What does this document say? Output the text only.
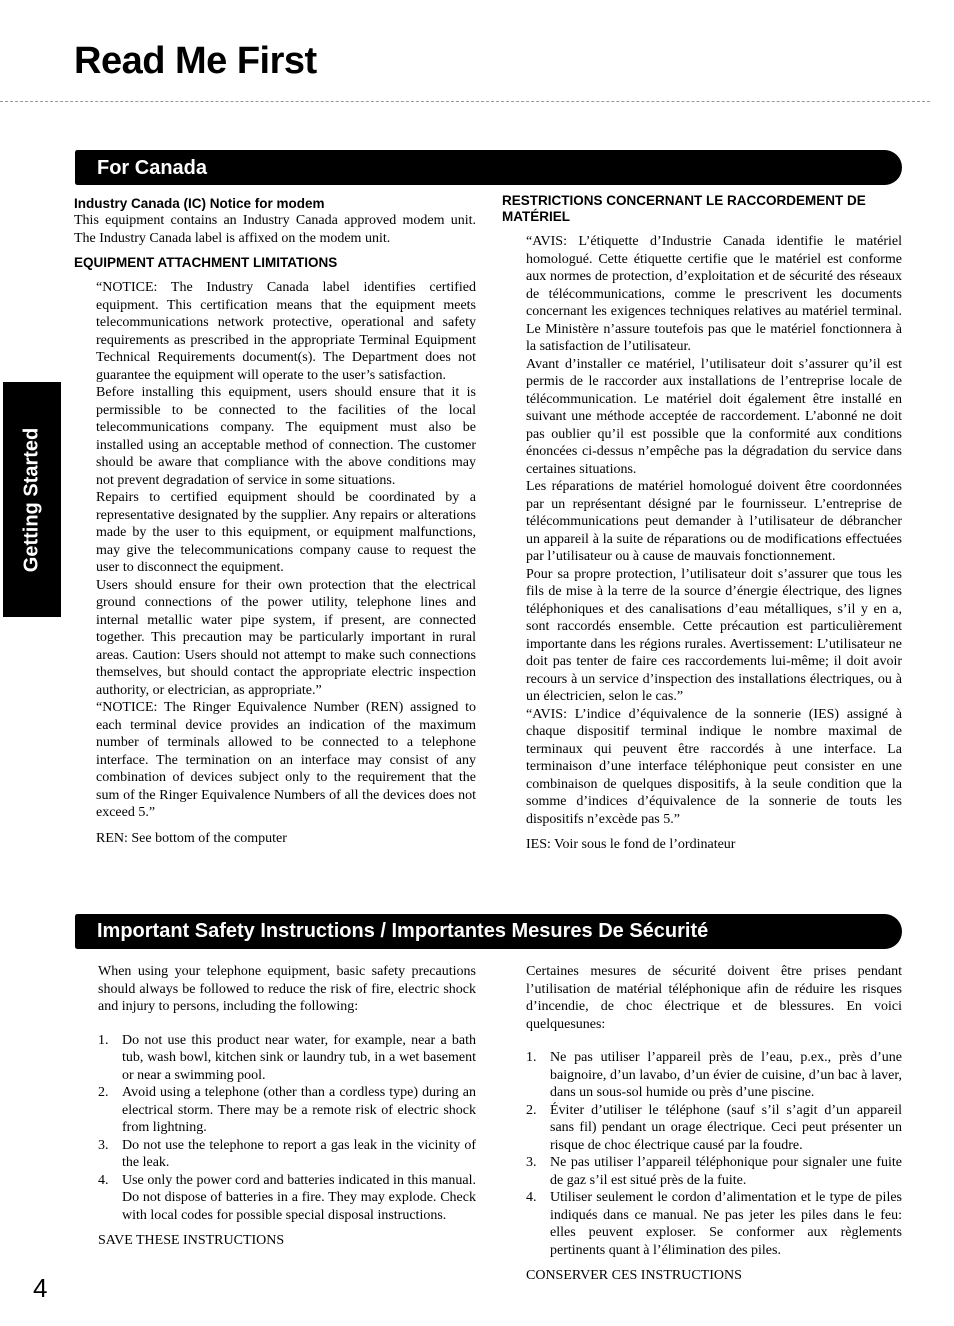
Read Me First
Getting Started
For Canada
Industry Canada (IC) Notice for modem

This equipment contains an Industry Canada approved modem unit. The Industry Canada label is affixed on the modem unit.

EQUIPMENT ATTACHMENT LIMITATIONS

“NOTICE: The Industry Canada label identifies certified equipment. This certification means that the equipment meets telecommunications network protective, operational and safety requirements as prescribed in the appropriate Terminal Equipment Technical Requirements document(s). The Department does not guarantee the equipment will operate to the user’s satisfaction.

Before installing this equipment, users should ensure that it is permissible to be connected to the facilities of the local telecommunications company. The equipment must also be installed using an acceptable method of connection. The customer should be aware that compliance with the above conditions may not prevent degradation of service in some situations.

Repairs to certified equipment should be coordinated by a representative designated by the supplier. Any repairs or alterations made by the user to this equipment, or equipment malfunctions, may give the telecommunications company cause to request the user to disconnect the equipment.

Users should ensure for their own protection that the electrical ground connections of the power utility, telephone lines and internal metallic water pipe system, if present, are connected together. This precaution may be particularly important in rural areas. Caution: Users should not attempt to make such connections themselves, but should contact the appropriate electric inspection authority, or electrician, as appropriate.”

“NOTICE: The Ringer Equivalence Number (REN) assigned to each terminal device provides an indication of the maximum number of terminals allowed to be connected to a telephone interface. The termination on an interface may consist of any combination of devices subject only to the requirement that the sum of the Ringer Equivalence Numbers of all the devices does not exceed 5.”

REN: See bottom of the computer

RESTRICTIONS CONCERNANT LE RACCORDEMENT DE MATÉRIEL

“AVIS: L’étiquette d’Industrie Canada identifie le matériel homologué. Cette étiquette certifie que le matériel est conforme aux normes de protection, d’exploitation et de sécurité des réseaux de télécommunications, comme le prescrivent les documents concernant les exigences techniques relatives au matériel terminal. Le Ministère n’assure toutefois pas que le matériel fonctionnera à la satisfaction de l’utilisateur.

Avant d’installer ce matériel, l’utilisateur doit s’assurer qu’il est permis de le raccorder aux installations de l’entreprise locale de télécommunication. Le matériel doit également être installé en suivant une méthode acceptée de raccordement. L’abonné ne doit pas oublier qu’il est possible que la conformité aux conditions énoncées ci-dessus n’empêche pas la dégradation du service dans certaines situations.

Les réparations de matériel homologué doivent être coordonnées par un représentant désigné par le fournisseur. L’entreprise de télécommunications peut demander à l’utilisateur de débrancher un appareil à la suite de réparations ou de modifications effectuées par l’utilisateur ou à cause de mauvais fonctionnement.

Pour sa propre protection, l’utilisateur doit s’assurer que tous les fils de mise à la terre de la source d’énergie électrique, des lignes téléphoniques et des canalisations d’eau métalliques, s’il y en a, sont raccordés ensemble. Cette précaution est particulièrement importante dans les régions rurales. Avertissement: L’utilisateur ne doit pas tenter de faire ces raccordements lui-même; il doit avoir recours à un service d’inspection des installations électriques, ou à un électricien, selon le cas.”

“AVIS: L’indice d’équivalence de la sonnerie (IES) assigné à chaque dispositif terminal indique le nombre maximal de terminaux qui peuvent être raccordés à une interface. La terminaison d’une interface téléphonique peut consister en une combinaison de quelques dispositifs, à la seule condition que la somme d’indices d’équivalence de la sonnerie de touts les dispositifs n’excède pas 5.”

IES: Voir sous le fond de l’ordinateur

Important Safety Instructions / Importantes Mesures De Sécurité

When using your telephone equipment, basic safety precautions should always be followed to reduce the risk of fire, electric shock and injury to persons, including the following:

1. Do not use this product near water, for example, near a bath tub, wash bowl, kitchen sink or laundry tub, in a wet basement or near a swimming pool.
2. Avoid using a telephone (other than a cordless type) during an electrical storm. There may be a remote risk of electric shock from lightning.
3. Do not use the telephone to report a gas leak in the vicinity of the leak.
4. Use only the power cord and batteries indicated in this manual. Do not dispose of batteries in a fire. They may explode. Check with local codes for possible special disposal instructions.

SAVE THESE INSTRUCTIONS

Certaines mesures de sécurité doivent être prises pendant l’utilisation de matérial téléphonique afin de réduire les risques d’incendie, de choc électrique et de blessures. En voici quelquesunes:

1. Ne pas utiliser l’appareil près de l’eau, p.ex., près d’une baignoire, d’un lavabo, d’un évier de cuisine, d’un bac à laver, dans un sous-sol humide ou près d’une piscine.
2. Éviter d’utiliser le téléphone (sauf s’il s’agit d’un appareil sans fil) pendant un orage électrique. Ceci peut présenter un risque de choc électrique causé par la foudre.
3. Ne pas utiliser l’appareil téléphonique pour signaler une fuite de gaz s’il est situé près de la fuite.
4. Utiliser seulement le cordon d’alimentation et le type de piles indiqués dans ce manual. Ne pas jeter les piles dans le feu: elles peuvent exploser. Se conformer aux règlements pertinents quant à l’élimination des piles.

CONSERVER CES INSTRUCTIONS

4
